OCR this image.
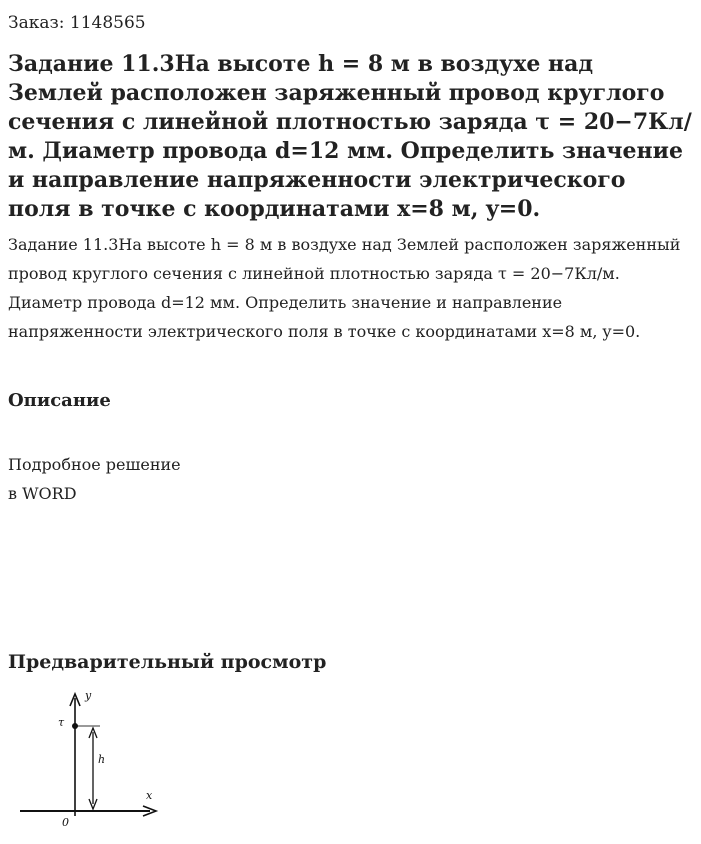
Заказ: 1148565
Задание 11.3На высоте h = 8 м в воздухе над Землей расположен заряженный провод круглого сечения с линейной плотностью заряда τ = 20−7Кл/м. Диаметр провода d=12 мм. Определить значение и направление напряженности электрического поля в точке с координатами x=8 м, y=0.

Задание 11.3На высоте h = 8 м в воздухе над Землей расположен заряженный провод круглого сечения с линейной плотностью заряда τ = 20−7Кл/м. Диаметр провода d=12 мм. Определить значение и направление напряженности электрического поля в точке с координатами x=8 м, y=0.

Описание
Подробное решение
в WORD
Предварительный просмотр
y
x
0
τ
h
